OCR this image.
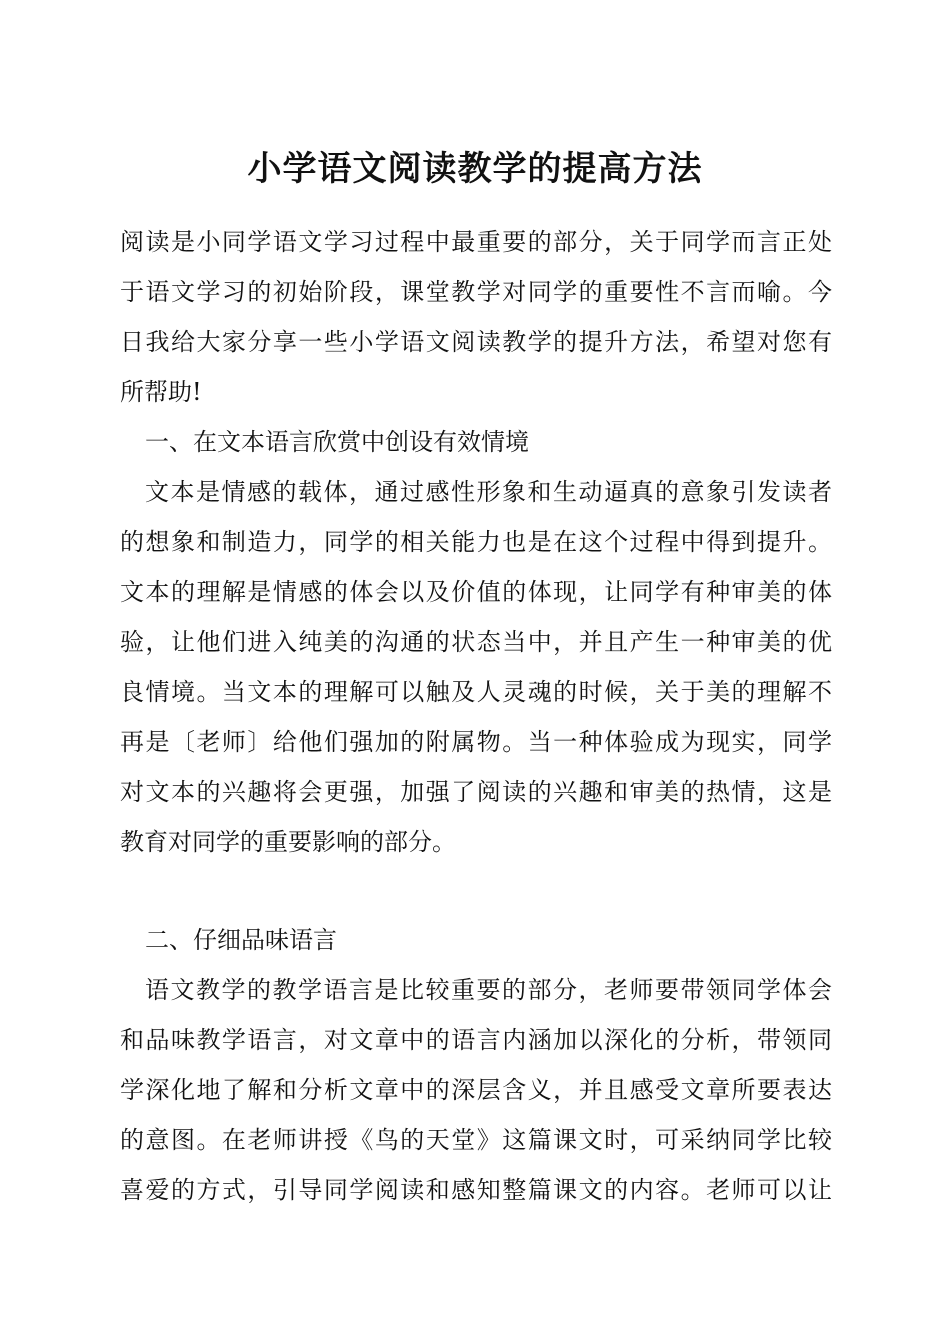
小学语文阅读教学的提高方法
阅读是小同学语文学习过程中最重要的部分，关于同学而言正处
于语文学习的初始阶段，课堂教学对同学的重要性不言而喻。今
日我给大家分享一些小学语文阅读教学的提升方法，希望对您有
所帮助!
一、在文本语言欣赏中创设有效情境
文本是情感的载体，通过感性形象和生动逼真的意象引发读者
的想象和制造力，同学的相关能力也是在这个过程中得到提升。
文本的理解是情感的体会以及价值的体现，让同学有种审美的体
验，让他们进入纯美的沟通的状态当中，并且产生一种审美的优
良情境。当文本的理解可以触及人灵魂的时候，关于美的理解不
再是〔老师〕给他们强加的附属物。当一种体验成为现实，同学
对文本的兴趣将会更强，加强了阅读的兴趣和审美的热情，这是
教育对同学的重要影响的部分。
二、仔细品味语言
语文教学的教学语言是比较重要的部分，老师要带领同学体会
和品味教学语言，对文章中的语言内涵加以深化的分析，带领同
学深化地了解和分析文章中的深层含义，并且感受文章所要表达
的意图。在老师讲授《鸟的天堂》这篇课文时，可采纳同学比较
喜爱的方式，引导同学阅读和感知整篇课文的内容。老师可以让
